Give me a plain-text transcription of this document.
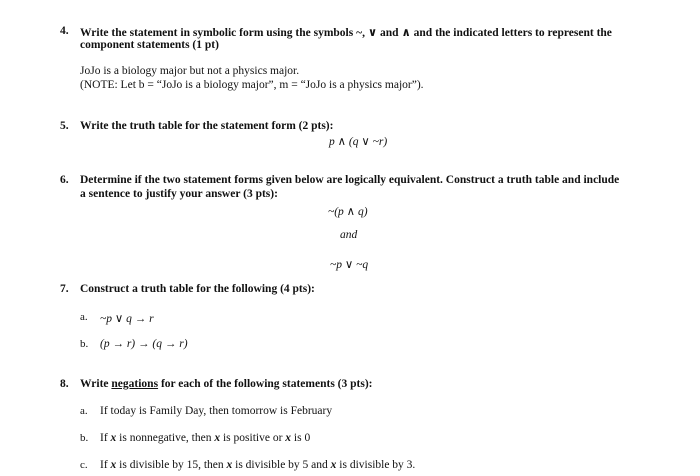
4. Write the statement in symbolic form using the symbols ~, ∨ and ∧ and the indicated letters to represent the
component statements (1 pt)
JoJo is a biology major but not a physics major.
(NOTE: Let b = “JoJo is a biology major”, m = “JoJo is a physics major”).
5. Write the truth table for the statement form (2 pts):
p ∧ (q ∨ ~r)
6. Determine if the two statement forms given below are logically equivalent. Construct a truth table and include
a sentence to justify your answer (3 pts):
~(p ∧ q)
and
~p ∨ ~q
7. Construct a truth table for the following (4 pts):
a. ~p ∨ q → r
b. (p → r) → (q → r)
8. Write negations for each of the following statements (3 pts):
a. If today is Family Day, then tomorrow is February
b. If x is nonnegative, then x is positive or x is 0
c. If x is divisible by 15, then x is divisible by 5 and x is divisible by 3.
